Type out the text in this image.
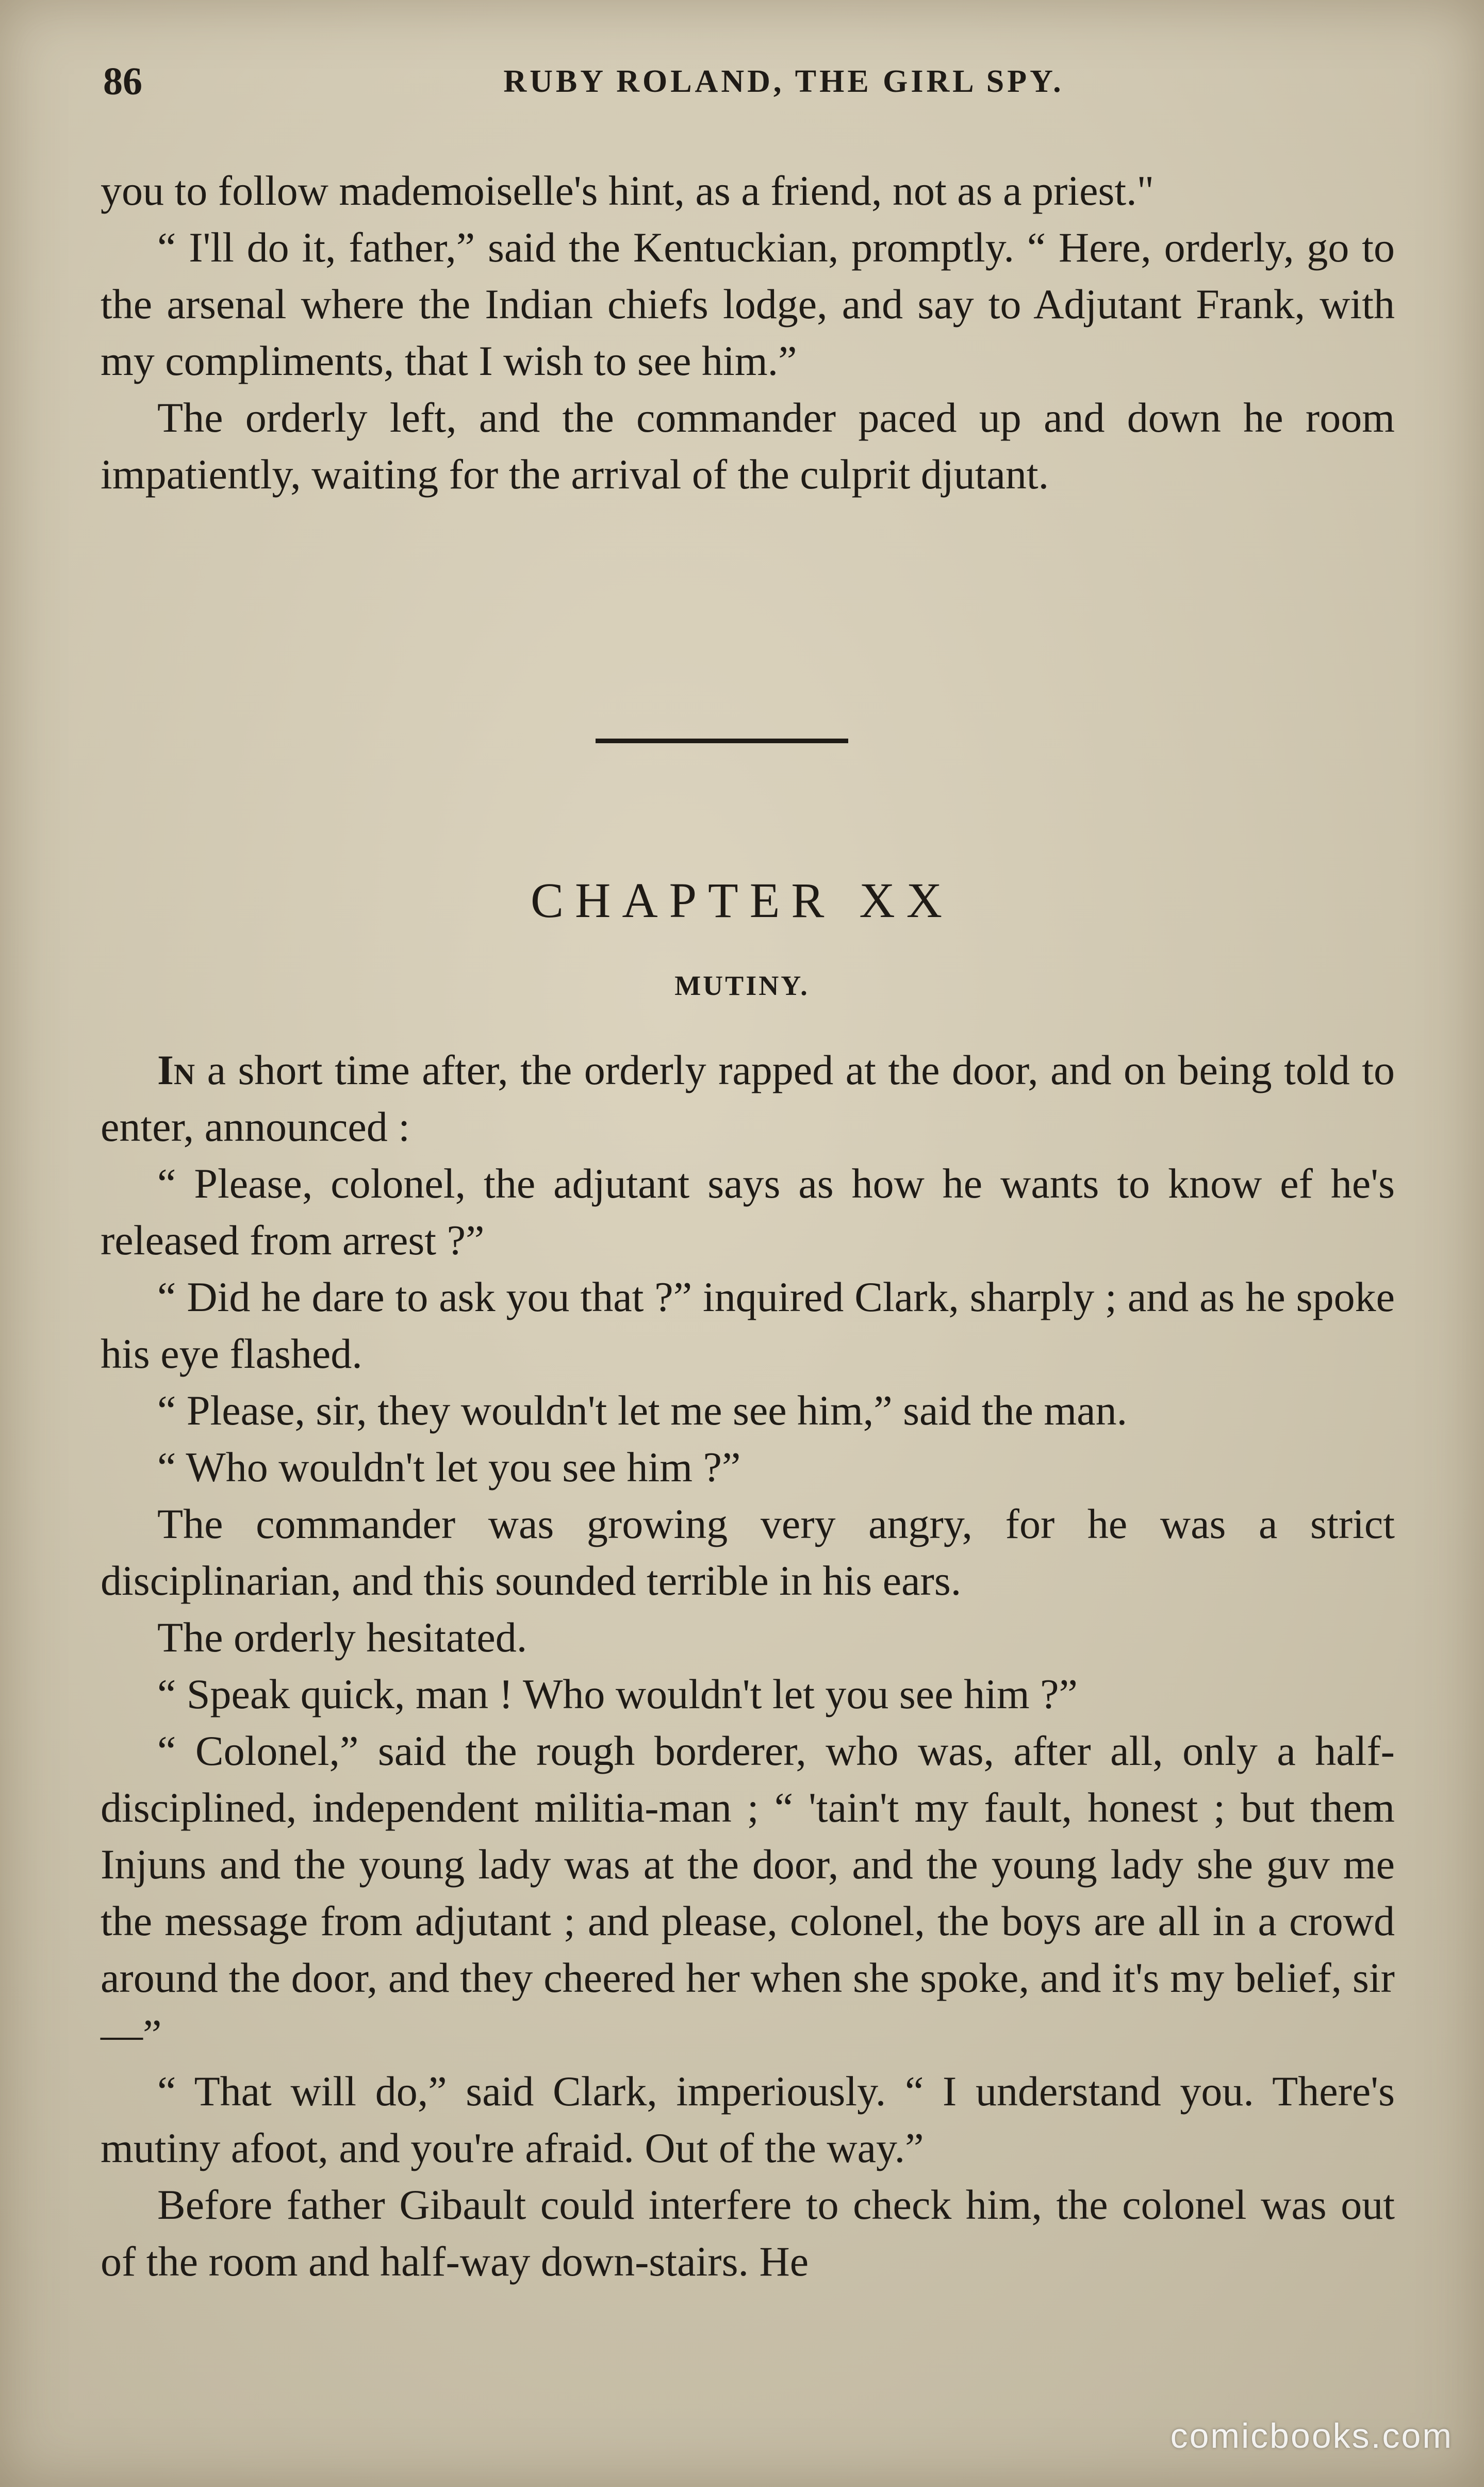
86	RUBY ROLAND, THE GIRL SPY.

you to follow mademoiselle's hint, as a friend, not as a priest."

“ I'll do it, father,” said the Kentuckian, promptly. “ Here, orderly, go to the arsenal where the Indian chiefs lodge, and say to Adjutant Frank, with my compliments, that I wish to see him.”

The orderly left, and the commander paced up and down he room impatiently, waiting for the arrival of the culprit djutant.

CHAPTER XX
MUTINY.

In a short time after, the orderly rapped at the door, and on being told to enter, announced :

“ Please, colonel, the adjutant says as how he wants to know ef he's released from arrest ?”

“ Did he dare to ask you that ?” inquired Clark, sharply ; and as he spoke his eye flashed.

“ Please, sir, they wouldn't let me see him,” said the man.

“ Who wouldn't let you see him ?”

The commander was growing very angry, for he was a strict disciplinarian, and this sounded terrible in his ears.

The orderly hesitated.

“ Speak quick, man ! Who wouldn't let you see him ?”

“ Colonel,” said the rough borderer, who was, after all, only a half-disciplined, independent militia-man ; “ 'tain't my fault, honest ; but them Injuns and the young lady was at the door, and the young lady she guv me the message from adjutant ; and please, colonel, the boys are all in a crowd around the door, and they cheered her when she spoke, and it's my belief, sir—”

“ That will do,” said Clark, imperiously. “ I understand you. There's mutiny afoot, and you're afraid. Out of the way.”

Before father Gibault could interfere to check him, the colonel was out of the room and half-way down-stairs. He

comicbooks.com
